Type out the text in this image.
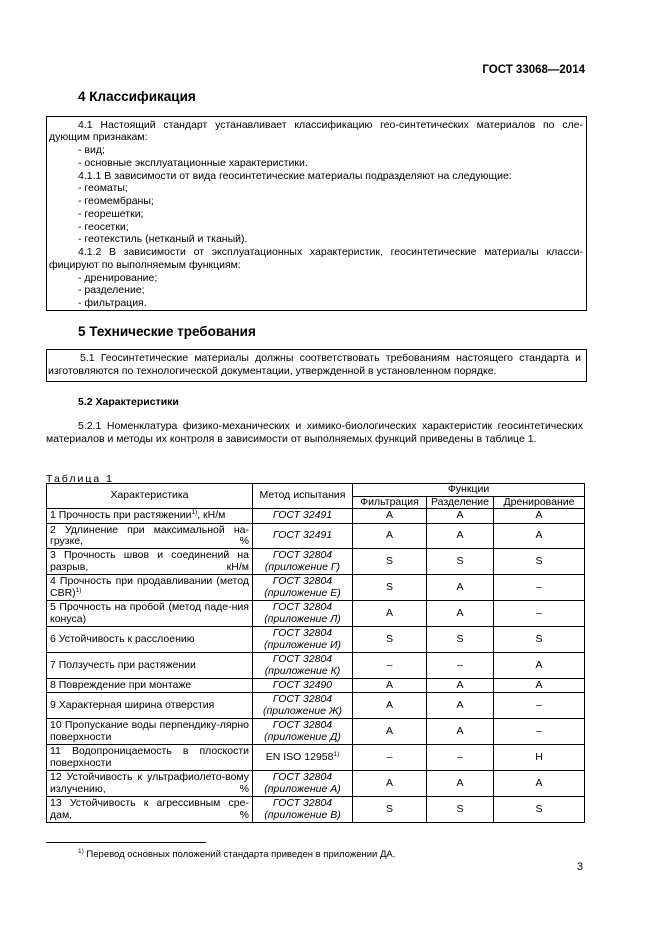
ГОСТ 33068—2014
4 Классификация
4.1 Настоящий стандарт устанавливает классификацию гео-синтетических материалов по сле-
дующим признакам:
- вид;
- основные эксплуатационные характеристики.
4.1.1 В зависимости от вида геосинтетические материалы подразделяют на следующие:
- геоматы;
- геомембраны;
- георешетки;
- геосетки;
- геотекстиль (нетканый и тканый).
4.1.2 В зависимости от эксплуатационных характеристик, геосинтетические материалы класси-
фицируют по выполняемым функциям:
- дренирование;
- разделение;
- фильтрация.
5 Технические требования
5.1 Геосинтетические материалы должны соответствовать требованиям настоящего стандарта и изготовляются по технологической документации, утвержденной в установленном порядке.
5.2 Характеристики
5.2.1 Номенклатура физико-механических и химико-биологических характеристик геосинтетических материалов и методы их контроля в зависимости от выполняемых функций приведены в таблице 1.
Таблица 1
Характеристика	Метод испытания	Функции		
		Фильтрация	Разделение	Дренирование
1 Прочность при растяжении$^{1)}$, кН/м	ГОСТ 32491	A	A	A
2 Удлинение при максимальной на-грузке, %	ГОСТ 32491	A	A	A
3 Прочность швов и соединений на разрыв, кН/м	ГОСТ 32804 (приложение Г)	S	S	S
4 Прочность при продавливании (метод CBR)$^{1)}$	ГОСТ 32804 (приложение Е)	S	A	–
5 Прочность на пробой (метод паде-ния конуса)	ГОСТ 32804 (приложение Л)	A	A	–
6 Устойчивость к расслоению	ГОСТ 32804 (приложение И)	S	S	S
7 Ползучесть при растяжении	ГОСТ 32804 (приложение К)	–	–	A
8 Повреждение при монтаже	ГОСТ 32490	A	A	A
9 Характерная ширина отверстия	ГОСТ 32804 (приложение Ж)	A	A	–
10 Пропускание воды перпендику-лярно поверхности	ГОСТ 32804 (приложение Д)	A	A	–
11 Водопроницаемость в плоскости поверхности	EN ISO 12958$^{1)}$	–	–	H
12 Устойчивость к ультрафиолето-вому излучению, %	ГОСТ 32804 (приложение А)	A	A	A
13 Устойчивость к агрессивным сре-дам, %	ГОСТ 32804 (приложение В)	S	S	S
$^{1)}$ Перевод основных положений стандарта приведен в приложении ДА.
3
